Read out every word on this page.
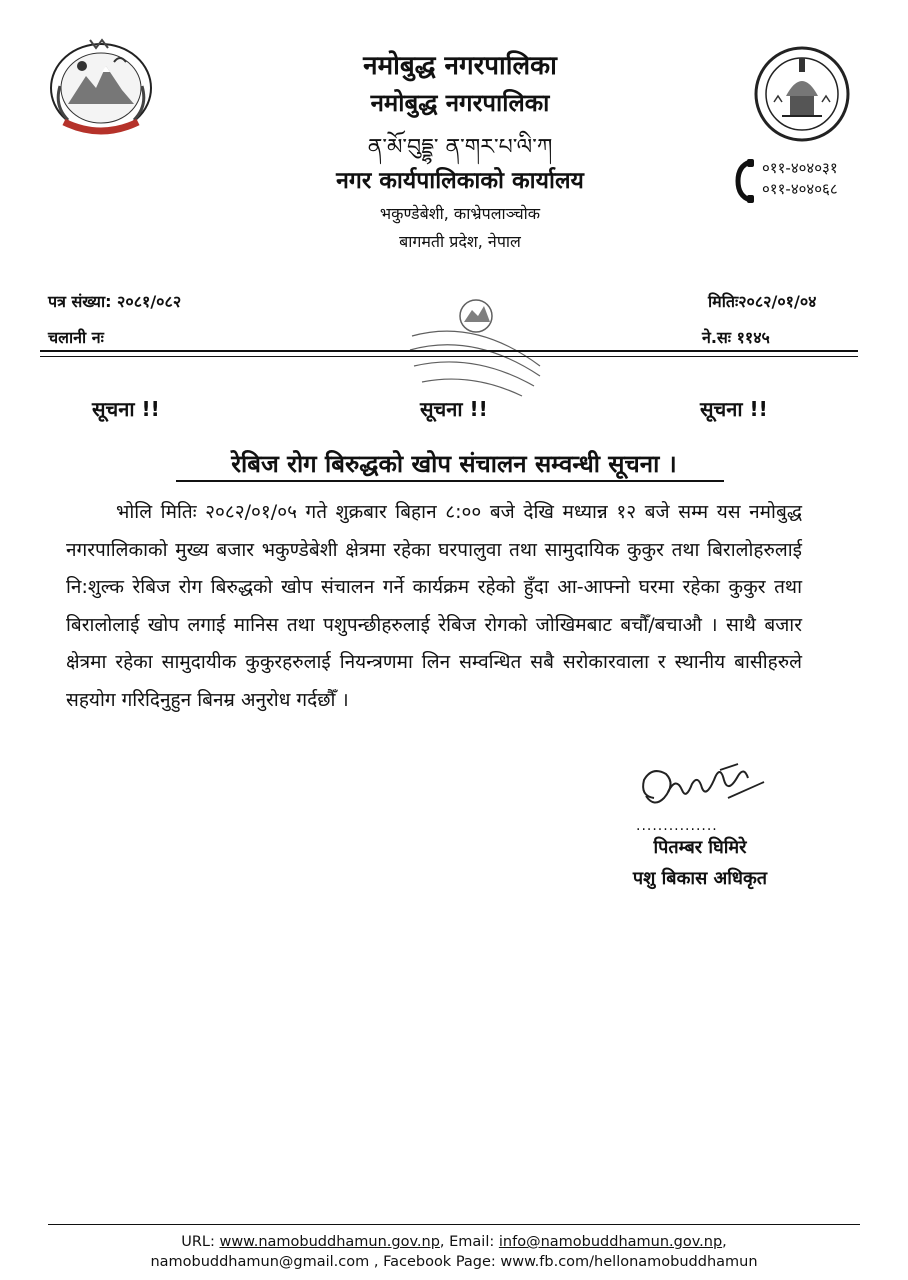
नमोबुद्ध नगरपालिका
नमोबुद्ध नगरपालिका
ན་མོ་བུདྡྷ་ ན་གར་པ་ལི་ཀ
नगर कार्यपालिकाको कार्यालय
भकुण्डेबेशी, काभ्रेपलाञ्चोक
बागमती प्रदेश, नेपाल
०११-४०४०३१
०११-४०४०६८
पत्र संख्या: २०८१/०८२
चलानी नः
मितिः२०८२/०१/०४
ने.सः ११४५
सूचना !!	सूचना !!	सूचना !!
रेबिज रोग बिरुद्धको खोप संचालन सम्वन्धी सूचना ।
भोलि मितिः २०८२/०१/०५ गते शुक्रबार बिहान ८:०० बजे देखि मध्यान्न १२ बजे सम्म यस नमोबुद्ध नगरपालिकाको मुख्य बजार भकुण्डेबेशी क्षेत्रमा रहेका घरपालुवा तथा सामुदायिक कुकुर तथा बिरालोहरुलाई नि:शुल्क रेबिज रोग बिरुद्धको खोप संचालन गर्ने कार्यक्रम रहेको हुँदा आ-आफ्नो घरमा रहेका कुकुर तथा बिरालोलाई खोप लगाई मानिस तथा पशुपन्छीहरुलाई रेबिज रोगको जोखिमबाट बचौँ/बचाऔ । साथै बजार क्षेत्रमा रहेका सामुदायीक कुकुरहरुलाई नियन्त्रणमा लिन सम्वन्धित सबै सरोकारवाला र स्थानीय बासीहरुले सहयोग गरिदिनुहुन बिनम्र अनुरोध गर्दछौँ ।
...............
पितम्बर घिमिरे
पशु बिकास अधिकृत
URL: www.namobuddhamun.gov.np, Email: info@namobuddhamun.gov.np,
namobuddhamun@gmail.com , Facebook Page: www.fb.com/hellonamobuddhamun
